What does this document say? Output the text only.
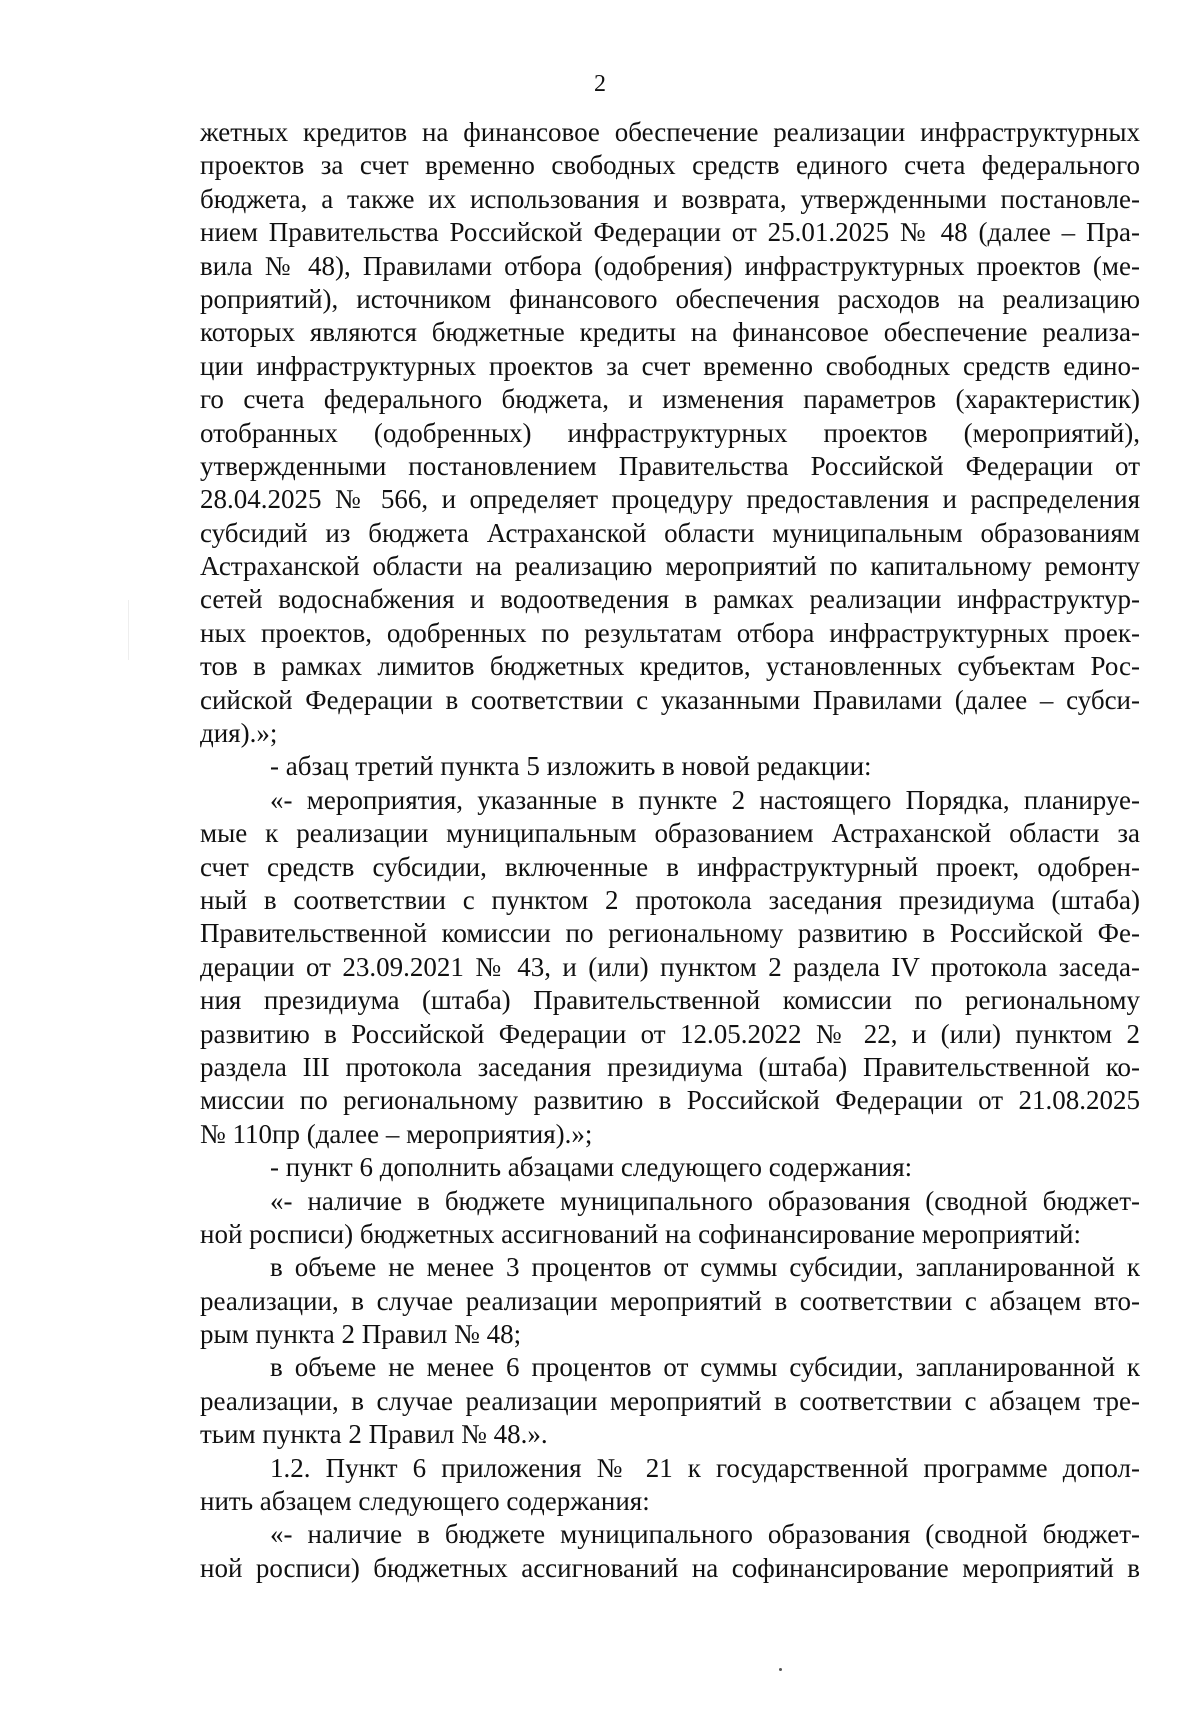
2
жетных кредитов на финансовое обеспечение реализации инфраструктурных
проектов за счет временно свободных средств единого счета федерального
бюджета, а также их использования и возврата, утвержденными постановле-
нием Правительства Российской Федерации от 25.01.2025 № 48 (далее – Пра-
вила № 48), Правилами отбора (одобрения) инфраструктурных проектов (ме-
роприятий), источником финансового обеспечения расходов на реализацию
которых являются бюджетные кредиты на финансовое обеспечение реализа-
ции инфраструктурных проектов за счет временно свободных средств едино-
го счета федерального бюджета, и изменения параметров (характеристик)
отобранных (одобренных) инфраструктурных проектов (мероприятий),
утвержденными постановлением Правительства Российской Федерации от
28.04.2025 № 566, и определяет процедуру предоставления и распределения
субсидий из бюджета Астраханской области муниципальным образованиям
Астраханской области на реализацию мероприятий по капитальному ремонту
сетей водоснабжения и водоотведения в рамках реализации инфраструктур-
ных проектов, одобренных по результатам отбора инфраструктурных проек-
тов в рамках лимитов бюджетных кредитов, установленных субъектам Рос-
сийской Федерации в соответствии с указанными Правилами (далее – субси-
дия).»;
- абзац третий пункта 5 изложить в новой редакции:
«- мероприятия, указанные в пункте 2 настоящего Порядка, планируе-
мые к реализации муниципальным образованием Астраханской области за
счет средств субсидии, включенные в инфраструктурный проект, одобрен-
ный в соответствии с пунктом 2 протокола заседания президиума (штаба)
Правительственной комиссии по региональному развитию в Российской Фе-
дерации от 23.09.2021 № 43, и (или) пунктом 2 раздела IV протокола заседа-
ния президиума (штаба) Правительственной комиссии по региональному
развитию в Российской Федерации от 12.05.2022 № 22, и (или) пунктом 2
раздела III протокола заседания президиума (штаба) Правительственной ко-
миссии по региональному развитию в Российской Федерации от 21.08.2025
№ 110пр (далее – мероприятия).»;
- пункт 6 дополнить абзацами следующего содержания:
«- наличие в бюджете муниципального образования (сводной бюджет-
ной росписи) бюджетных ассигнований на софинансирование мероприятий:
в объеме не менее 3 процентов от суммы субсидии, запланированной к
реализации, в случае реализации мероприятий в соответствии с абзацем вто-
рым пункта 2 Правил № 48;
в объеме не менее 6 процентов от суммы субсидии, запланированной к
реализации, в случае реализации мероприятий в соответствии с абзацем тре-
тьим пункта 2 Правил № 48.».
1.2. Пункт 6 приложения № 21 к государственной программе допол-
нить абзацем следующего содержания:
«- наличие в бюджете муниципального образования (сводной бюджет-
ной росписи) бюджетных ассигнований на софинансирование мероприятий в
